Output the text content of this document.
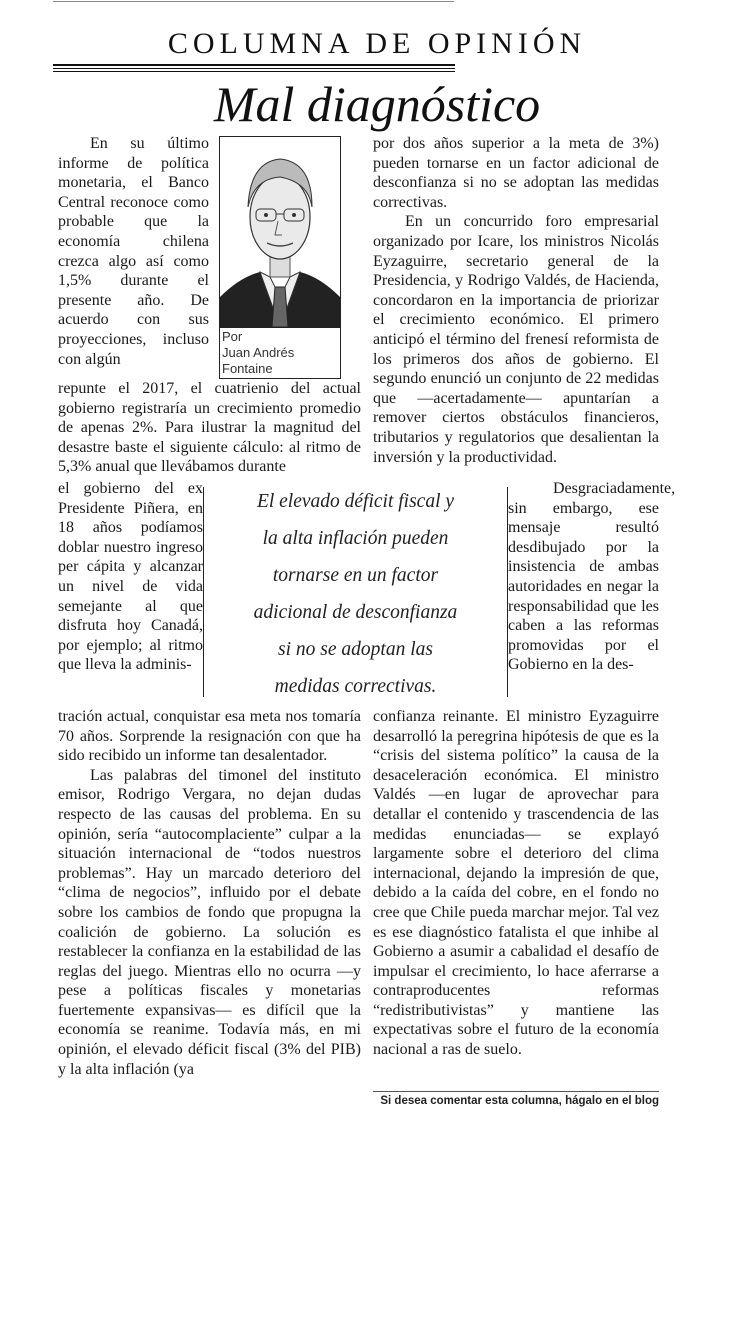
COLUMNA DE OPINIÓN
Mal diagnóstico

En su último informe de política monetaria, el Banco Central reconoce como probable que la economía chilena crezca algo así como 1,5% durante el presente año. De acuerdo con sus proyecciones, incluso con algún

Por
Juan Andrés
Fontaine

repunte el 2017, el cuatrienio del actual gobierno registraría un crecimiento promedio de apenas 2%. Para ilustrar la magnitud del desastre baste el siguiente cálculo: al ritmo de 5,3% anual que llevábamos durante

por dos años superior a la meta de 3%) pueden tornarse en un factor adicional de desconfianza si no se adoptan las medidas correctivas.

En un concurrido foro empresarial organizado por Icare, los ministros Nicolás Eyzaguirre, secretario general de la Presidencia, y Rodrigo Valdés, de Hacienda, concordaron en la importancia de priorizar el crecimiento económico. El primero anticipó el término del frenesí reformista de los primeros dos años de gobierno. El segundo enunció un conjunto de 22 medidas que —acertadamente— apuntarían a remover ciertos obstáculos financieros, tributarios y regulatorios que desalientan la inversión y la productividad.

el gobierno del ex Presidente Piñera, en 18 años podíamos doblar nuestro ingreso per cápita y alcanzar un nivel de vida semejante al que disfruta hoy Canadá, por ejemplo; al ritmo que lleva la adminis-

El elevado déficit fiscal y
la alta inflación pueden
tornarse en un factor
adicional de desconfianza
si no se adoptan las
medidas correctivas.

Desgraciadamente, sin embargo, ese mensaje resultó desdibujado por la insistencia de ambas autoridades en negar la responsabilidad que les caben a las reformas promovidas por el Gobierno en la des-

tración actual, conquistar esa meta nos tomaría 70 años. Sorprende la resignación con que ha sido recibido un informe tan desalentador.

Las palabras del timonel del instituto emisor, Rodrigo Vergara, no dejan dudas respecto de las causas del problema. En su opinión, sería “autocomplaciente” culpar a la situación internacional de “todos nuestros problemas”. Hay un marcado deterioro del “clima de negocios”, influido por el debate sobre los cambios de fondo que propugna la coalición de gobierno. La solución es restablecer la confianza en la estabilidad de las reglas del juego. Mientras ello no ocurra —y pese a políticas fiscales y monetarias fuertemente expansivas— es difícil que la economía se reanime. Todavía más, en mi opinión, el elevado déficit fiscal (3% del PIB) y la alta inflación (ya

confianza reinante. El ministro Eyzaguirre desarrolló la peregrina hipótesis de que es la “crisis del sistema político” la causa de la desaceleración económica. El ministro Valdés —en lugar de aprovechar para detallar el contenido y trascendencia de las medidas enunciadas— se explayó largamente sobre el deterioro del clima internacional, dejando la impresión de que, debido a la caída del cobre, en el fondo no cree que Chile pueda marchar mejor. Tal vez es ese diagnóstico fatalista el que inhibe al Gobierno a asumir a cabalidad el desafío de impulsar el crecimiento, lo hace aferrarse a contraproducentes reformas “redistributivistas” y mantiene las expectativas sobre el futuro de la economía nacional a ras de suelo.

Si desea comentar esta columna, hágalo en el blog
